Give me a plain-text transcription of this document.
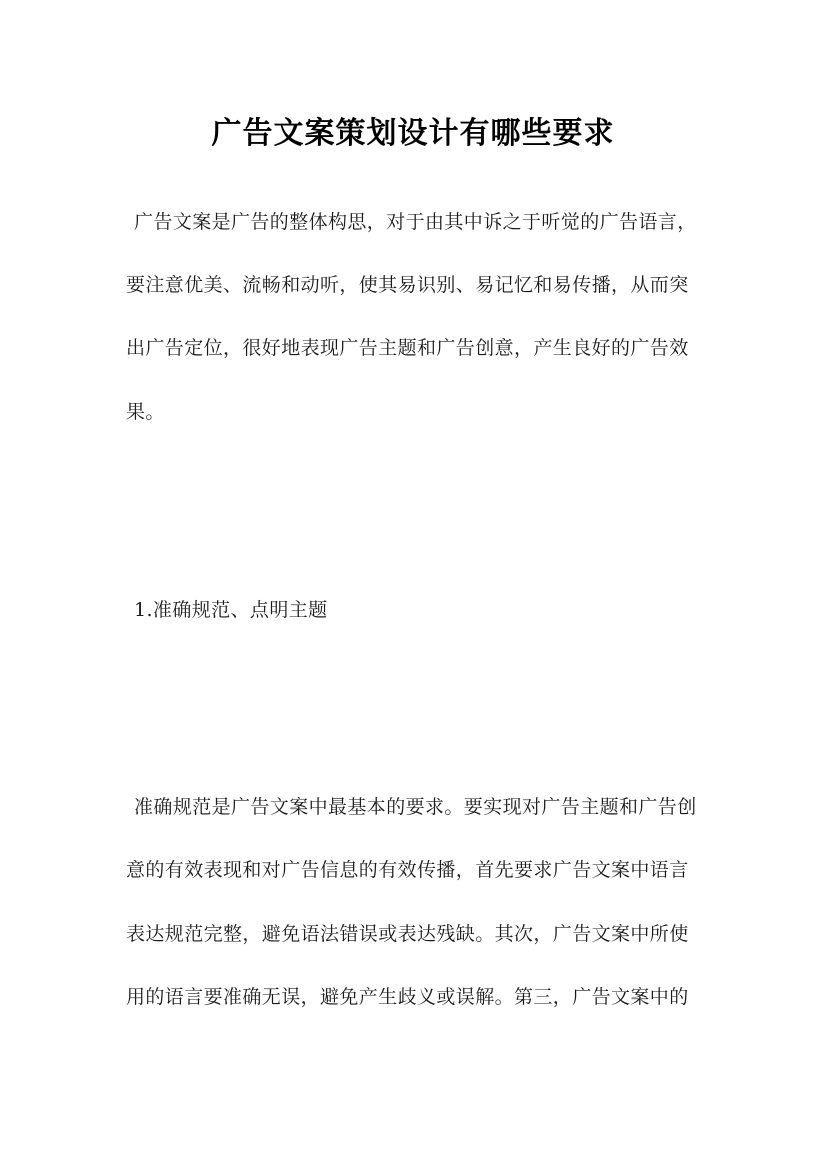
广告文案策划设计有哪些要求
广告文案是广告的整体构思，对于由其中诉之于听觉的广告语言，
要注意优美、流畅和动听，使其易识别、易记忆和易传播，从而突
出广告定位，很好地表现广告主题和广告创意，产生良好的广告效
果。
1.准确规范、点明主题
准确规范是广告文案中最基本的要求。要实现对广告主题和广告创
意的有效表现和对广告信息的有效传播，首先要求广告文案中语言
表达规范完整，避免语法错误或表达残缺。其次，广告文案中所使
用的语言要准确无误，避免产生歧义或误解。第三，广告文案中的
